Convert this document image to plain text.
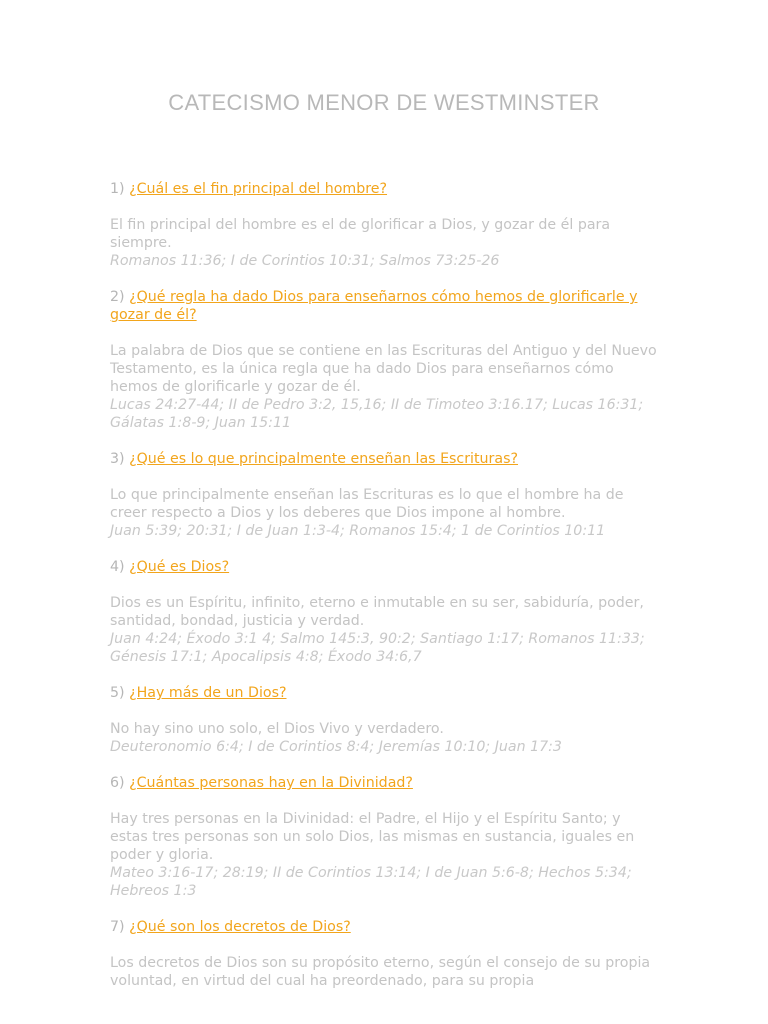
CATECISMO MENOR DE WESTMINSTER

1) ¿Cuál es el fin principal del hombre?

El fin principal del hombre es el de glorificar a Dios, y gozar de él para siempre.

Romanos 11:36; I de Corintios 10:31; Salmos 73:25-26

2) ¿Qué regla ha dado Dios para enseñarnos cómo hemos de glorificarle y gozar de él?

La palabra de Dios que se contiene en las Escrituras del Antiguo y del Nuevo Testamento, es la única regla que ha dado Dios para enseñarnos cómo hemos de glorificarle y gozar de él.

Lucas 24:27-44; II de Pedro 3:2, 15,16; II de Timoteo 3:16.17; Lucas 16:31; Gálatas 1:8-9; Juan 15:11

3) ¿Qué es lo que principalmente enseñan las Escrituras?

Lo que principalmente enseñan las Escrituras es lo que el hombre ha de creer respecto a Dios y los deberes que Dios impone al hombre.

Juan 5:39; 20:31; I de Juan 1:3-4; Romanos 15:4; 1 de Corintios 10:11

4) ¿Qué es Dios?

Dios es un Espíritu, infinito, eterno e inmutable en su ser, sabiduría, poder, santidad, bondad, justicia y verdad.

Juan 4:24; Éxodo 3:1 4; Salmo 145:3, 90:2; Santiago 1:17; Romanos 11:33; Génesis 17:1; Apocalipsis 4:8; Éxodo 34:6,7

5) ¿Hay más de un Dios?

No hay sino uno solo, el Dios Vivo y verdadero.

Deuteronomio 6:4; I de Corintios 8:4; Jeremías 10:10; Juan 17:3

6) ¿Cuántas personas hay en la Divinidad?

Hay tres personas en la Divinidad: el Padre, el Hijo y el Espíritu Santo; y estas tres personas son un solo Dios, las mismas en sustancia, iguales en poder y gloria.

Mateo 3:16-17; 28:19; II de Corintios 13:14; I de Juan 5:6-8; Hechos 5:34; Hebreos 1:3

7) ¿Qué son los decretos de Dios?

Los decretos de Dios son su propósito eterno, según el consejo de su propia voluntad, en virtud del cual ha preordenado, para su propia
